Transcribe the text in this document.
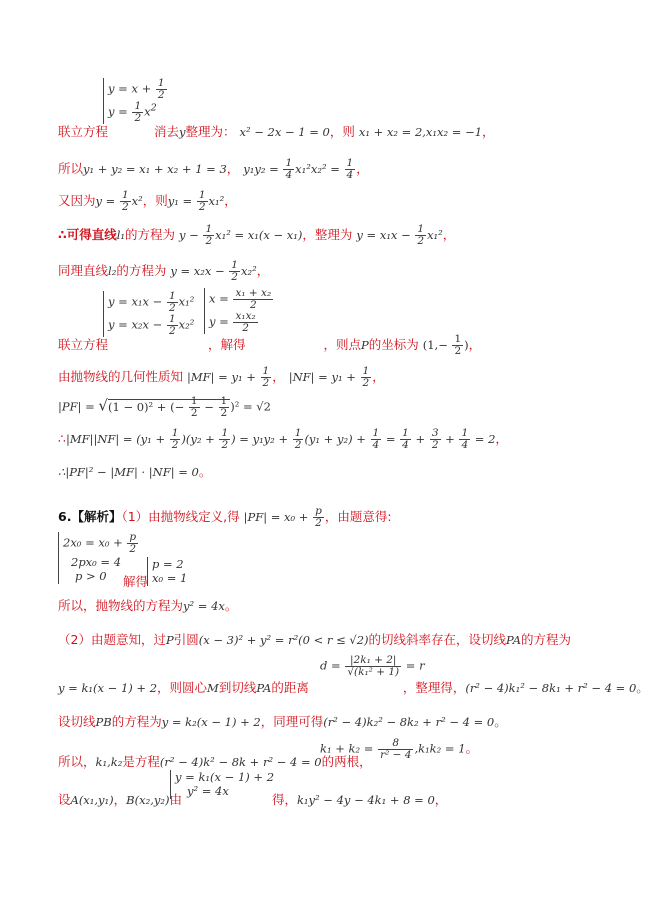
$y = x + \frac{1}{2}$
$y = \frac{1}{2} x^2$
联立方程	消去y整理为： x² − 2x − 1 = 0，则 x₁ + x₂ = 2,x₁x₂ = −1，
所以y₁ + y₂ = x₁ + x₂ + 1 = 3， $y_1y_2 = \frac{1}{4} x_1^2x_2^2 = \frac{1}{4}$ ，
又因为$y = \frac{1}{2} x^2$，则$y_1 = \frac{1}{2} x_1^2$，
∴可得直线l₁的方程为 $y - \frac{1}{2} x_1^2 = x_1(x - x_1)$，整理为 $y = x_1x - \frac{1}{2} x_1^2$，
同理直线l₂的方程为 $y = x_2x - \frac{1}{2} x_2^2$，
$y = x_1x - \frac{1}{2} x_1^2$
$y = x_2x - \frac{1}{2} x_2^2$
$x = \frac{\text{x₁ + x₂}}{2}$
$y = \frac{\text{x₁x₂}}{2}$
联立方程	，解得	，则点P的坐标为 ($1,- \frac{1}{2}$ )，
由抛物线的几何性质知 $|MF| = y_1 + \frac{1}{2}$ ， $|NF| = y_1 + \frac{1}{2}$ ，
|PF| = √(1 − 0)² + (− $\frac{1}{2} - \frac{1}{2} )^2 = √2$
∴|MF||NF| = $(y_1 + \frac{1}{2} )(y_2 + \frac{1}{2}$ ) = $y_1y_2 + \frac{1}{2} (y_1 + y_2) + \frac{1}{4} = \frac{1}{4} + \frac{3}{2} + \frac{1}{4} = 2$，
∴|PF|² − |MF| · |NF| = 0。
6.【解析】（1）由抛物线定义,得 $|PF| = x_0 + \frac{p}{2}$ ，由题意得:
$2x_0 = x_0 + \frac{p}{2}$
2px₀ = 4
p > 0	解得
p = 2
x₀ = 1
所以，抛物线的方程为y² = 4x。
（2）由题意知，过P引圆(x − 3)² + y² = r²(0 < r ≤ √2)的切线斜率存在，设切线PA的方程为
$d = \frac{\text{|2k₁ + 2|}}{\text{√(k₁² + 1)}} = r$
y = k₁(x − 1) + 2，则圆心M到切线PA的距离	，整理得，(r² − 4)k₁² − 8k₁ + r² − 4 = 0。
设切线PB的方程为y = k₂(x − 1) + 2，同理可得(r² − 4)k₂² − 8k₂ + r² − 4 = 0。
所以，k₁,k₂是方程(r² − 4)k² − 8k + r² − 4 = 0的两根，
$k_1 + k_2 = \frac{8}{\text{r² − 4}} ,k_1k_2 = 1$。
y = k₁(x − 1) + 2
y² = 4x
设A(x₁,y₁)，B(x₂,y₂)由	得，k₁y² − 4y − 4k₁ + 8 = 0，
